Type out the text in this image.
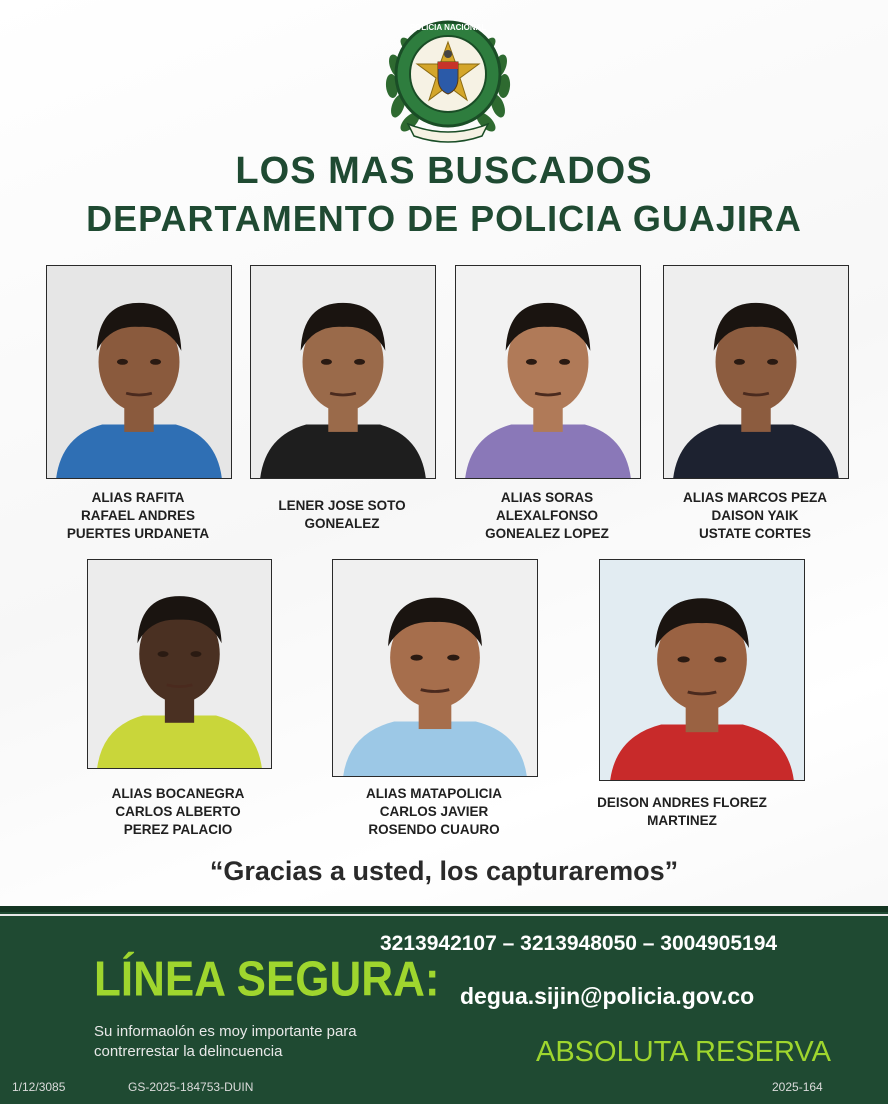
POLICIA NACIONAL
LOS MAS BUSCADOS
DEPARTAMENTO DE POLICIA GUAJIRA
ALIAS RAFITA
RAFAEL ANDRES
PUERTES URDANETA
LENER JOSE SOTO
GONEALEZ
ALIAS SORAS
ALEXALFONSO
GONEALEZ LOPEZ
ALIAS MARCOS PEZA
DAISON YAIK
USTATE CORTES
ALIAS BOCANEGRA
CARLOS ALBERTO
PEREZ PALACIO
ALIAS MATAPOLICIA
CARLOS JAVIER
ROSENDO CUAURO
DEISON ANDRES FLOREZ
MARTINEZ
“Gracias a usted, los capturaremos”
3213942107 – 3213948050 – 3004905194
LÍNEA SEGURA: degua.sijin@policia.gov.co
Su informaolón es moy importante para
contrerrestar la delincuencia	ABSOLUTA RESERVA
1/12/3085	GS-2025-184753-DUIN	2025-164
